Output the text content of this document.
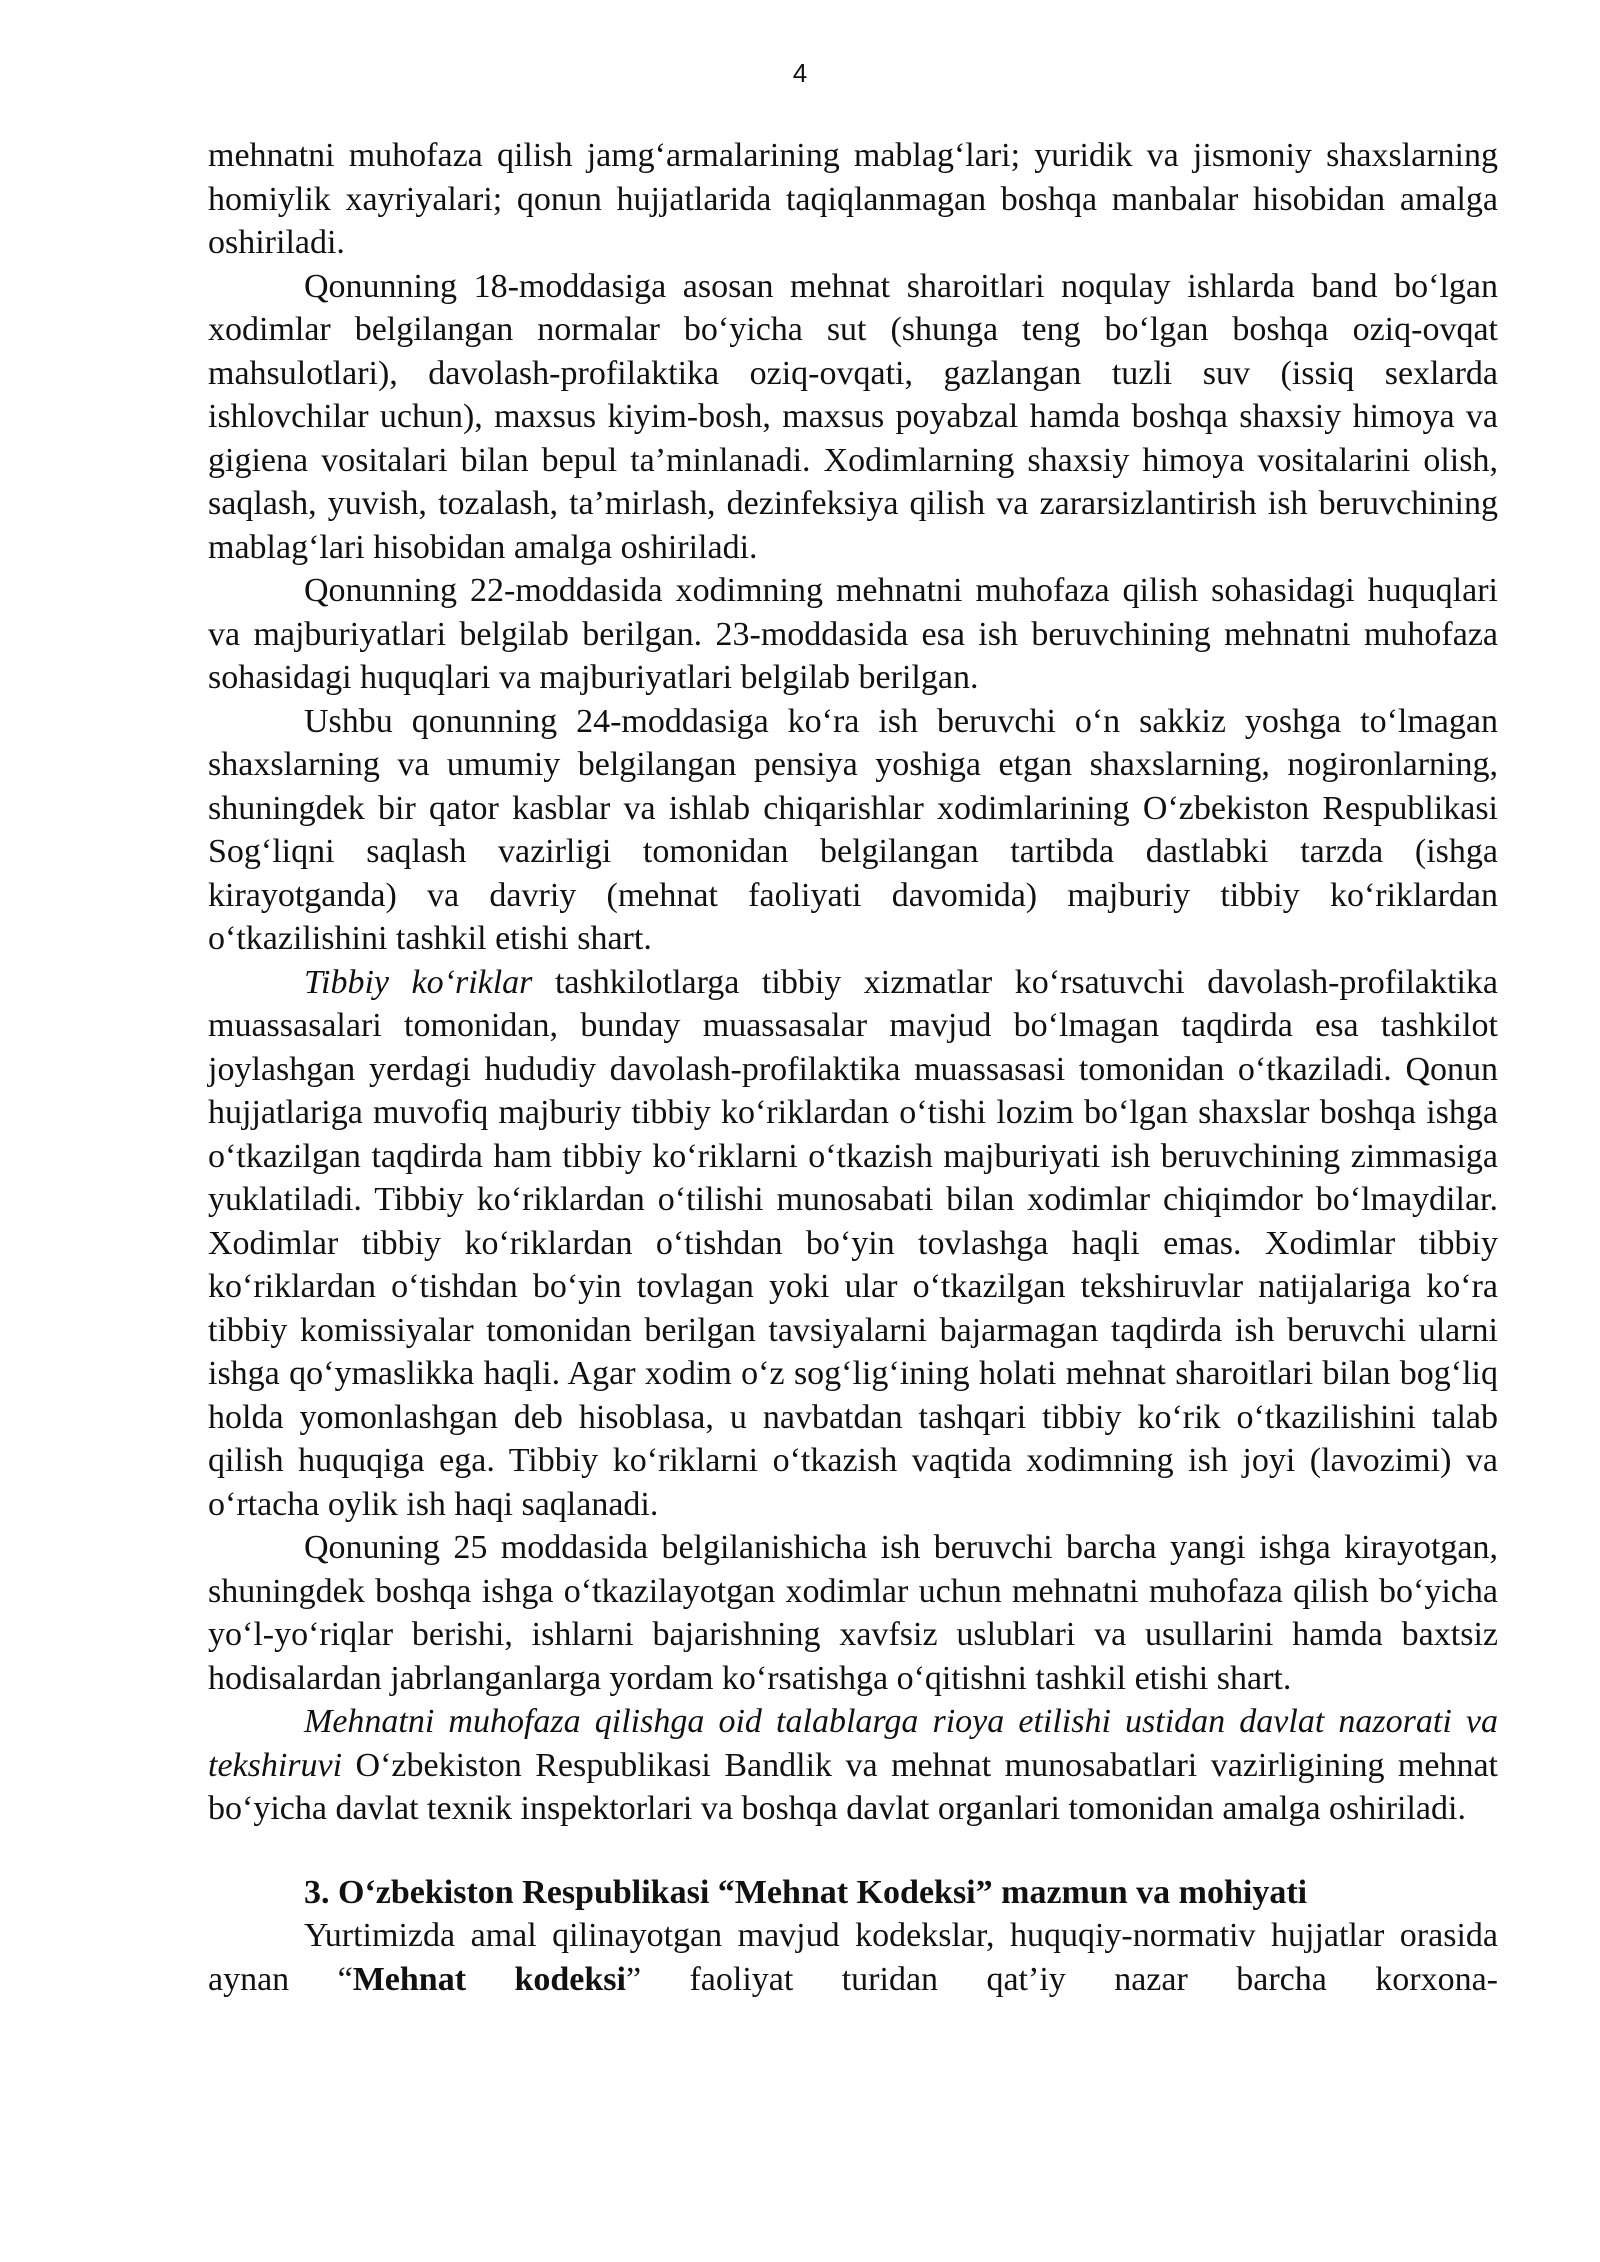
4

mehnatni muhofaza qilish jamg‘armalarining mablag‘lari; yuridik va jismoniy shaxslarning homiylik xayriyalari; qonun hujjatlarida taqiqlanmagan boshqa manbalar hisobidan amalga oshiriladi.

Qonunning 18-moddasiga asosan mehnat sharoitlari noqulay ishlarda band bo‘lgan xodimlar belgilangan normalar bo‘yicha sut (shunga teng bo‘lgan boshqa oziq-ovqat mahsulotlari), davolash-profilaktika oziq-ovqati, gazlangan tuzli suv (issiq sexlarda ishlovchilar uchun), maxsus kiyim-bosh, maxsus poyabzal hamda boshqa shaxsiy himoya va gigiena vositalari bilan bepul ta’minlanadi. Xodimlarning shaxsiy himoya vositalarini olish, saqlash, yuvish, tozalash, ta’mirlash, dezinfeksiya qilish va zararsizlantirish ish beruvchining mablag‘lari hisobidan amalga oshiriladi.

Qonunning 22-moddasida xodimning mehnatni muhofaza qilish sohasidagi huquqlari va majburiyatlari belgilab berilgan. 23-moddasida esa ish beruvchining mehnatni muhofaza sohasidagi huquqlari va majburiyatlari belgilab berilgan.

Ushbu qonunning 24-moddasiga ko‘ra ish beruvchi o‘n sakkiz yoshga to‘lmagan shaxslarning va umumiy belgilangan pensiya yoshiga etgan shaxslarning, nogironlarning, shuningdek bir qator kasblar va ishlab chiqarishlar xodimlarining O‘zbekiston Respublikasi Sog‘liqni saqlash vazirligi tomonidan belgilangan tartibda dastlabki tarzda (ishga kirayotganda) va davriy (mehnat faoliyati davomida) majburiy tibbiy ko‘riklardan o‘tkazilishini tashkil etishi shart.

Tibbiy ko‘riklar tashkilotlarga tibbiy xizmatlar ko‘rsatuvchi davolash-profilaktika muassasalari tomonidan, bunday muassasalar mavjud bo‘lmagan taqdirda esa tashkilot joylashgan yerdagi hududiy davolash-profilaktika muassasasi tomonidan o‘tkaziladi. Qonun hujjatlariga muvofiq majburiy tibbiy ko‘riklardan o‘tishi lozim bo‘lgan shaxslar boshqa ishga o‘tkazilgan taqdirda ham tibbiy ko‘riklarni o‘tkazish majburiyati ish beruvchining zimmasiga yuklatiladi. Tibbiy ko‘riklardan o‘tilishi munosabati bilan xodimlar chiqimdor bo‘lmaydilar. Xodimlar tibbiy ko‘riklardan o‘tishdan bo‘yin tovlashga haqli emas. Xodimlar tibbiy ko‘riklardan o‘tishdan bo‘yin tovlagan yoki ular o‘tkazilgan tekshiruvlar natijalariga ko‘ra tibbiy komissiyalar tomonidan berilgan tavsiyalarni bajarmagan taqdirda ish beruvchi ularni ishga qo‘ymaslikka haqli. Agar xodim o‘z sog‘lig‘ining holati mehnat sharoitlari bilan bog‘liq holda yomonlashgan deb hisoblasa, u navbatdan tashqari tibbiy ko‘rik o‘tkazilishini talab qilish huquqiga ega. Tibbiy ko‘riklarni o‘tkazish vaqtida xodimning ish joyi (lavozimi) va o‘rtacha oylik ish haqi saqlanadi.

Qonuning 25 moddasida belgilanishicha ish beruvchi barcha yangi ishga kirayotgan, shuningdek boshqa ishga o‘tkazilayotgan xodimlar uchun mehnatni muhofaza qilish bo‘yicha yo‘l-yo‘riqlar berishi, ishlarni bajarishning xavfsiz uslublari va usullarini hamda baxtsiz hodisalardan jabrlanganlarga yordam ko‘rsatishga o‘qitishni tashkil etishi shart.

Mehnatni muhofaza qilishga oid talablarga rioya etilishi ustidan davlat nazorati va tekshiruvi O‘zbekiston Respublikasi Bandlik va mehnat munosabatlari vazirligining mehnat bo‘yicha davlat texnik inspektorlari va boshqa davlat organlari tomonidan amalga oshiriladi.

3. O‘zbekiston Respublikasi “Mehnat Kodeksi” mazmun va mohiyati

Yurtimizda amal qilinayotgan mavjud kodekslar, huquqiy-normativ hujjatlar orasida aynan “Mehnat kodeksi” faoliyat turidan qat’iy nazar barcha korxona-
